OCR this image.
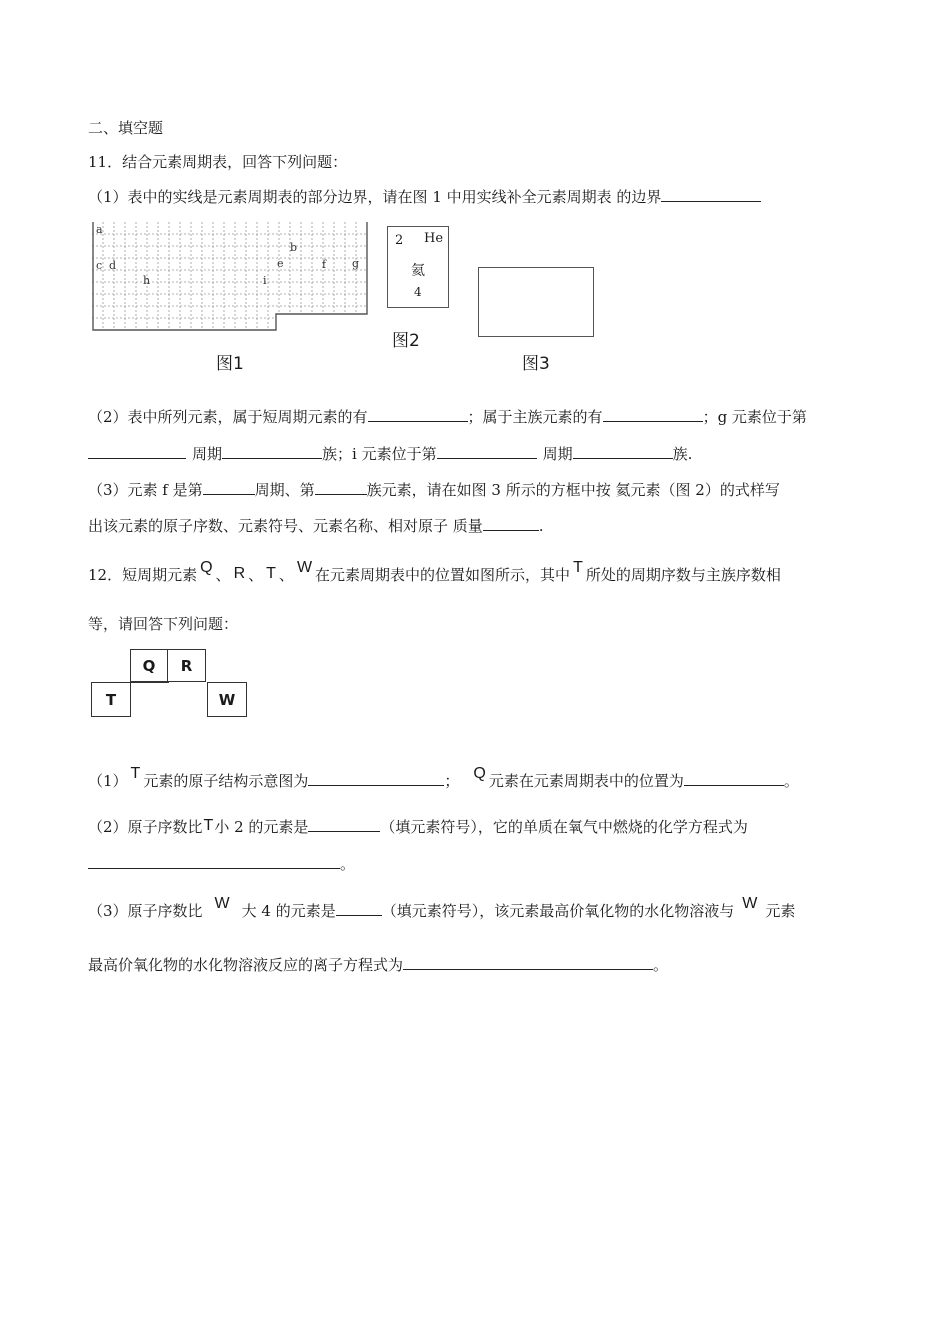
二、填空题
11．结合元素周期表，回答下列问题：
（1）表中的实线是元素周期表的部分边界，请在图 1 中用实线补全元素周期表 的边界
a
b
c d	e	f g
h	i
图1
2 He
氦
4
图2
图3
（2）表中所列元素，属于短周期元素的有	；属于主族元素的有	；g 元素位于第
周期	族；i 元素位于第	周期	族.
（3）元素 f 是第	周期、第	族元素，请在如图 3 所示的方框中按 氦元素（图 2）的式样写
出该元素的原子序数、元素符号、元素名称、相对原子 质量	.
12．短周期元素 Q 、 R 、 T 、 W 在元素周期表中的位置如图所示，其中 T 所处的周期序数与主族序数相
等，请回答下列问题：
Q	R
T	W
（1） T 元素的原子结构示意图为	； Q 元素在元素周期表中的位置为	。
（2）原子序数比T小 2 的元素是	（填元素符号），它的单质在氧气中燃烧的化学方程式为
。
（3）原子序数比 W 大 4 的元素是	（填元素符号），该元素最高价氧化物的水化物溶液与 W 元素
最高价氧化物的水化物溶液反应的离子方程式为	。
